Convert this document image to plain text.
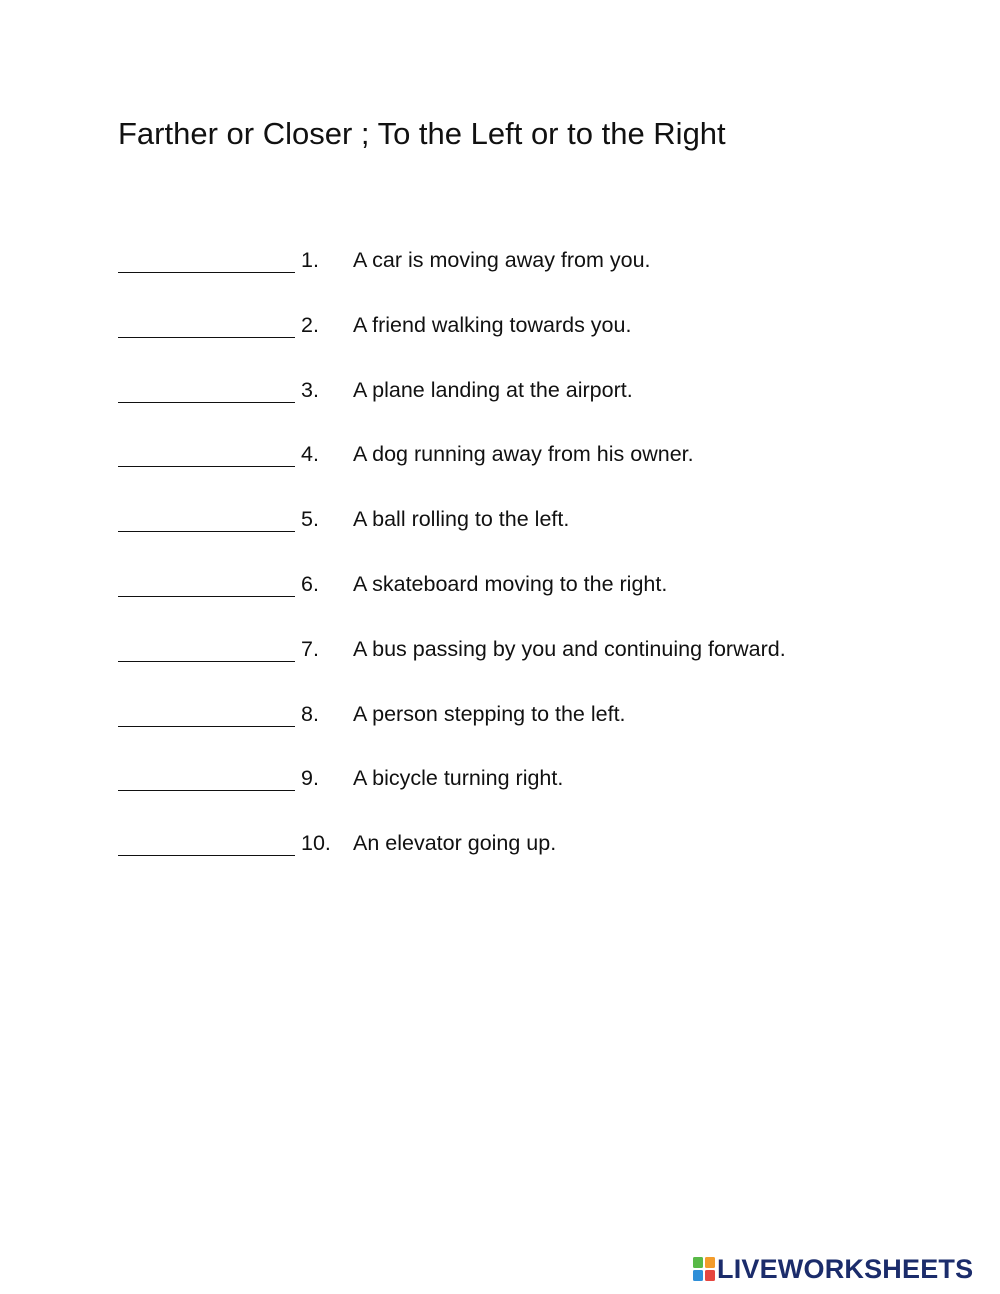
Farther or Closer ; To the Left or to the Right
1. A car is moving away from you.
2. A friend walking towards you.
3. A plane landing at the airport.
4. A dog running away from his owner.
5. A ball rolling to the left.
6. A skateboard moving to the right.
7. A bus passing by you and continuing forward.
8. A person stepping to the left.
9. A bicycle turning right.
10. An elevator going up.
LIVEWORKSHEETS
